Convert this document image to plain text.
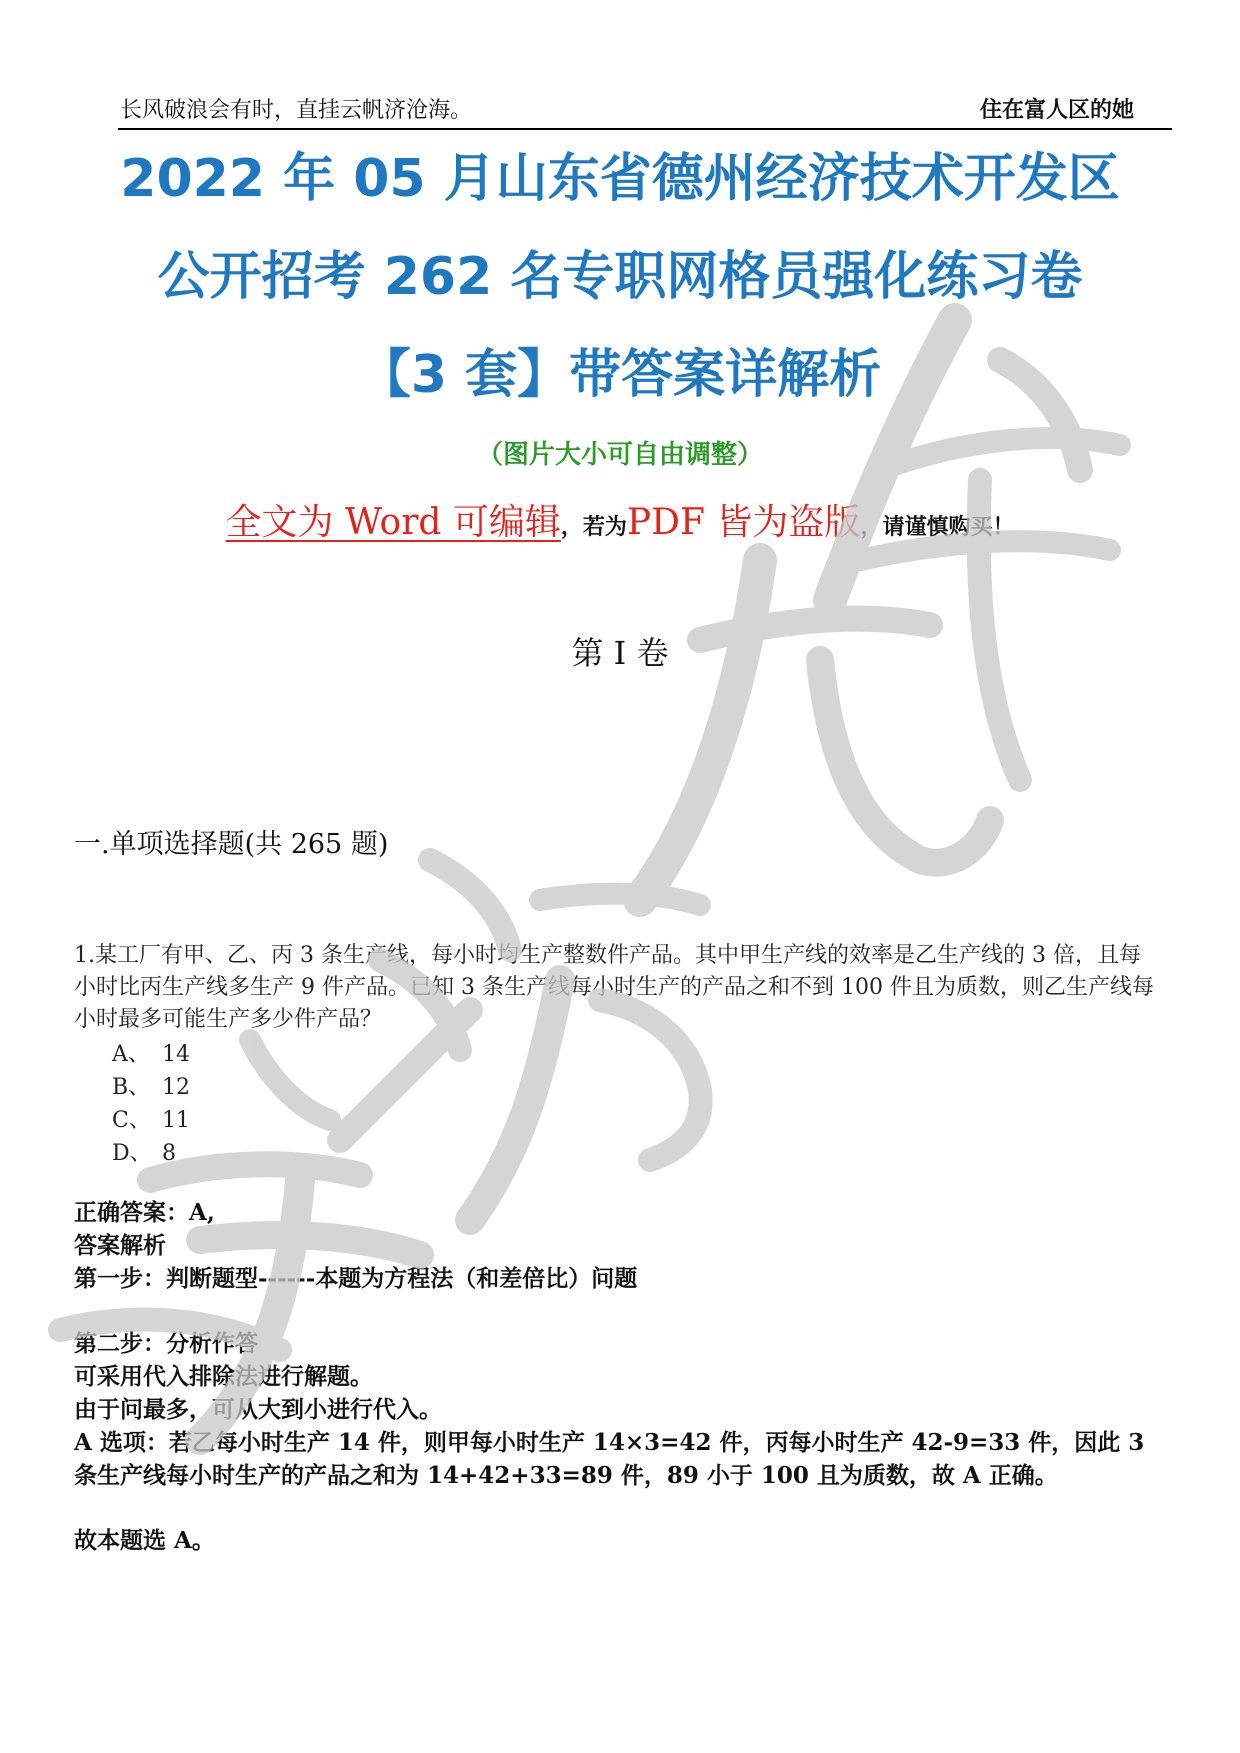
长风破浪会有时，直挂云帆济沧海。	住在富人区的她
2022 年 05 月山东省德州经济技术开发区
公开招考 262 名专职网格员强化练习卷
【3 套】带答案详解析
（图片大小可自由调整）
全文为 Word 可编辑，若为PDF 皆为盗版，请谨慎购买！
第 I 卷
一.单项选择题(共 265 题)
1.某工厂有甲、乙、丙 3 条生产线，每小时均生产整数件产品。其中甲生产线的效率是乙生产线的 3 倍，且每小时比丙生产线多生产 9 件产品。已知 3 条生产线每小时生产的产品之和不到 100 件且为质数，则乙生产线每小时最多可能生产多少件产品？
A、 14
B、 12
C、 11
D、 8
正确答案：A,
答案解析
第一步：判断题型------本题为方程法（和差倍比）问题
第二步：分析作答
可采用代入排除法进行解题。
由于问最多，可从大到小进行代入。
A 选项：若乙每小时生产 14 件，则甲每小时生产 14×3=42 件，丙每小时生产 42-9=33 件，因此 3 条生产线每小时生产的产品之和为 14+42+33=89 件，89 小于 100 且为质数，故 A 正确。
故本题选 A。
